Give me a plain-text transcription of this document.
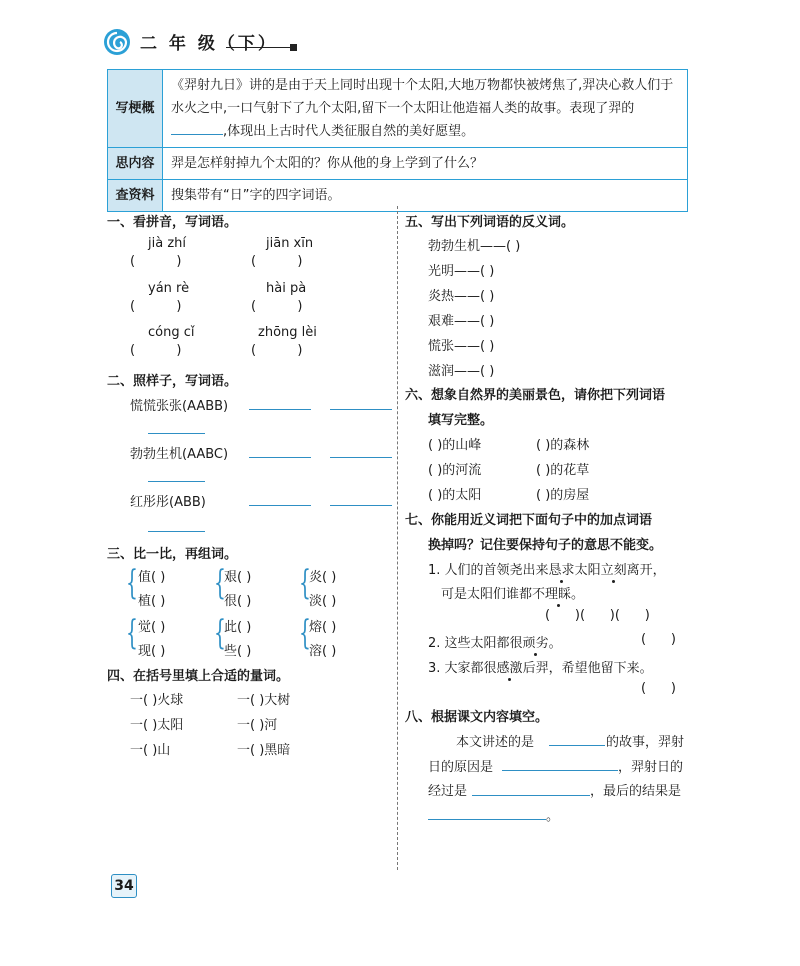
二 年 级（下）
写梗概	《羿射九日》讲的是由于天上同时出现十个太阳,大地万物都快被烤焦了,羿决心救人们于水火之中,一口气射下了九个太阳,留下一个太阳让他造福人类的故事。表现了羿的,体现出上古时代人类征服自然的美好愿望。
思内容	羿是怎样射掉九个太阳的？你从他的身上学到了什么？
查资料	搜集带有“日”字的四字词语。
一、看拼音，写词语。
jià zhí	jiān xīn
(          )	(          )
yán rè	hài pà
(          )	(          )
cóng cǐ	zhōng lèi
(          )	(          )
二、照样子，写词语。
慌慌张张(AABB)
勃勃生机(AABC)
红彤彤(ABB)
三、比一比，再组词。
{ 值( )
植( ) {
艰( )
很( ) {
炎( )
淡( )
{ 觉( )
现( ) {
此( )
些( ) {
熔( )
溶( )
四、在括号里填上合适的量词。
一( )火球	一( )大树
一( )太阳	一( )河
一( )山	一( )黑暗
五、写出下列词语的反义词。
勃勃生机——( )
光明——( )
炎热——( )
艰难——( )
慌张——( )
滋润——( )
六、想象自然界的美丽景色，请你把下列词语
填写完整。
( )的山峰	( )的森林
( )的河流	( )的花草
( )的太阳	( )的房屋
七、你能用近义词把下面句子中的加点词语
换掉吗？记住要保持句子的意思不能变。
1. 人们的首领尧出来恳求太阳立刻离开，
可是太阳们谁都不理睬。
(      )(      )(      )
2. 这些太阳都很顽劣。	(      )
3. 大家都很感激后羿，希望他留下来。
(      )
八、根据课文内容填空。
本文讲述的是	的故事，羿射
日的原因是	，羿射日的
经过是	，最后的结果是
。
34
